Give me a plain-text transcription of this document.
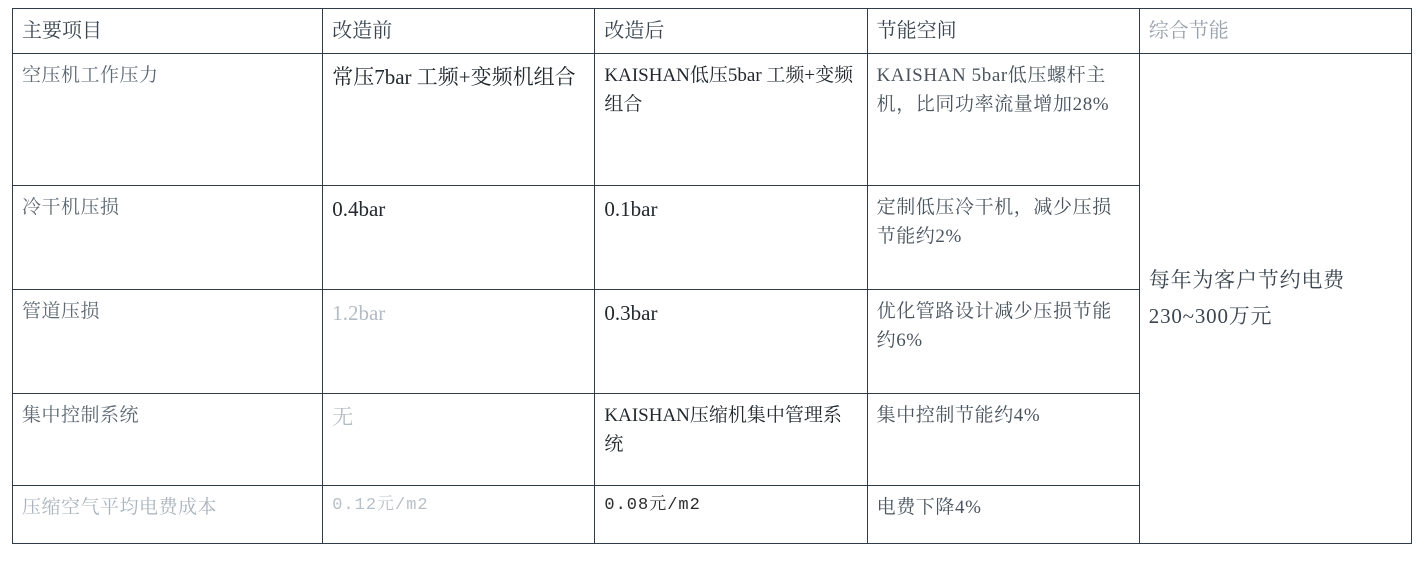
主要项目	改造前	改造后	节能空间	综合节能

空压机工作压力	常压7bar 工频+变频机组合	KAISHAN低压5bar 工频+变频组合	KAISHAN 5bar低压螺杆主机，比同功率流量增加28%	每年为客户节约电费230~300万元

冷干机压损	0.4bar	0.1bar	定制低压冷干机，减少压损节能约2%	

管道压损	1.2bar	0.3bar	优化管路设计减少压损节能约6%	

集中控制系统	无	KAISHAN压缩机集中管理系统	集中控制节能约4%	

压缩空气平均电费成本	0.12元/m2	0.08元/m2	电费下降4%	
